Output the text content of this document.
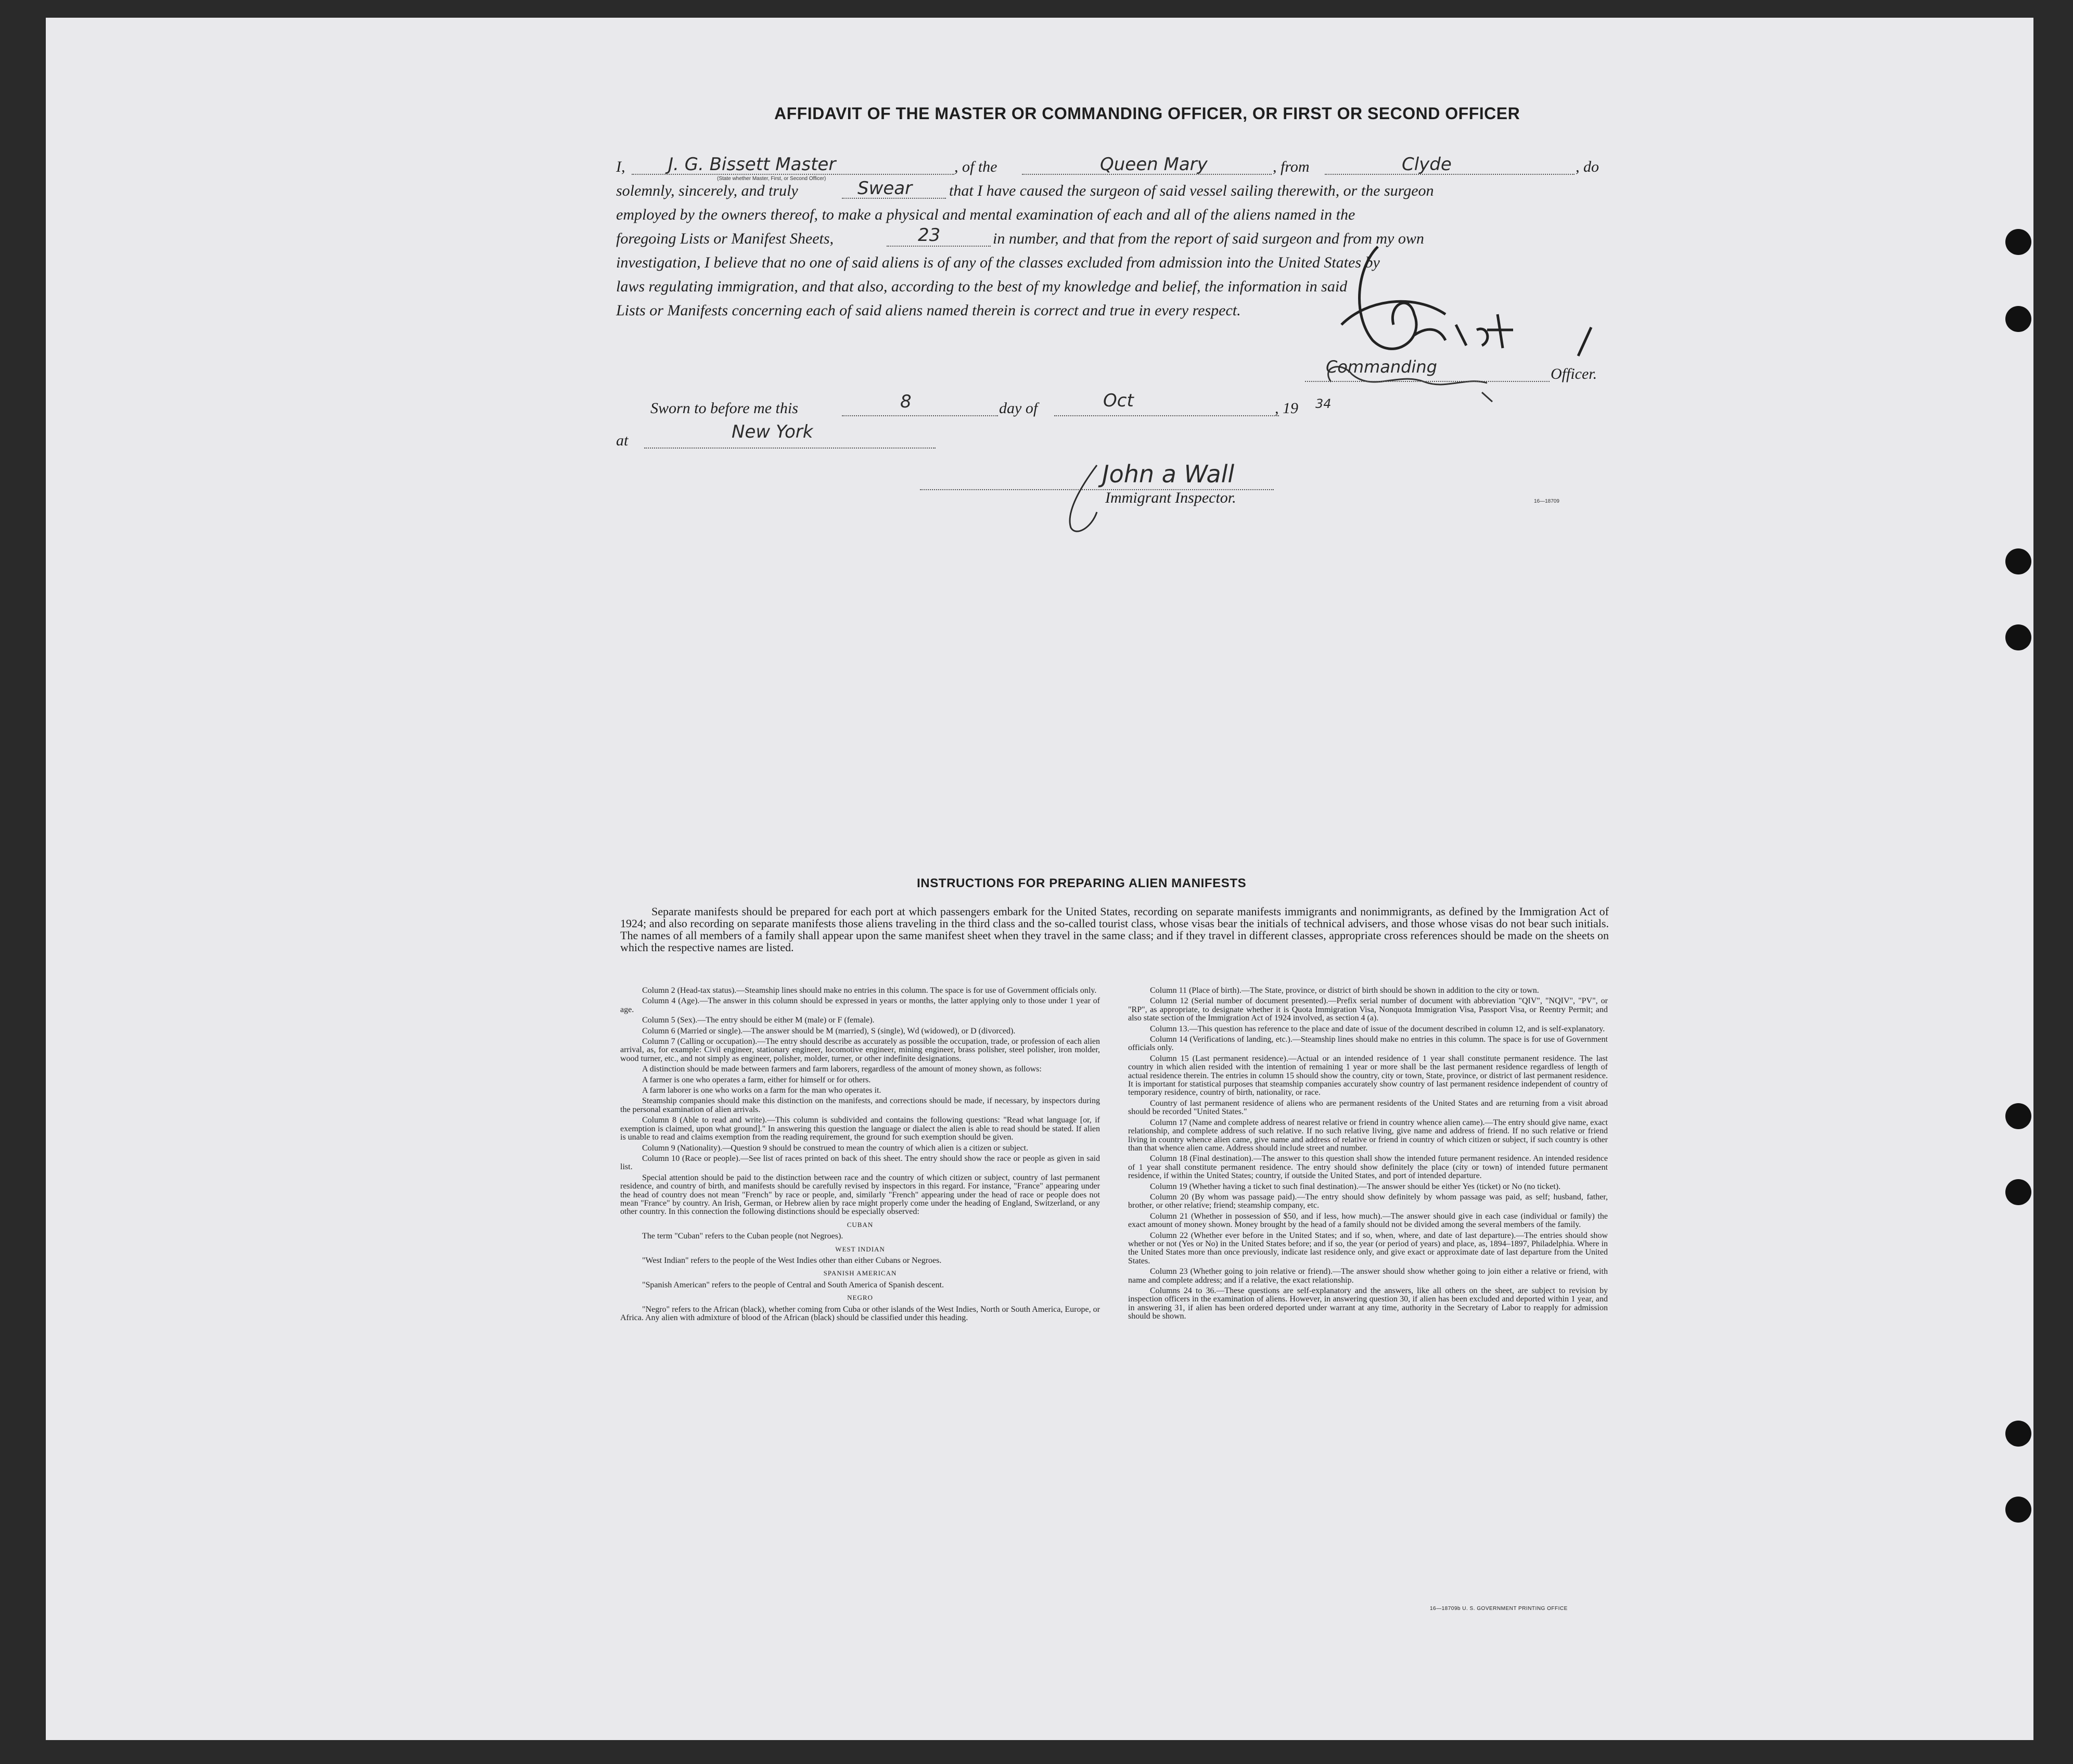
AFFIDAVIT OF THE MASTER OR COMMANDING OFFICER, OR FIRST OR SECOND OFFICER
I, J. G. Bissett Master
(State whether Master, First, or Second Officer)
, of the	Queen Mary	, from	Clyde	, do
solemnly, sincerely, and truly	Swear that I have caused the surgeon of said vessel sailing therewith, or the surgeon
employed by the owners thereof, to make a physical and mental examination of each and all of the aliens named in the
foregoing Lists or Manifest Sheets,	23	in number, and that from the report of said surgeon and from my own
investigation, I believe that no one of said aliens is of any of the classes excluded from admission into the United States by
laws regulating immigration, and that also, according to the best of my knowledge and belief, the information in said
Lists or Manifests concerning each of said aliens named therein is correct and true in every respect.
Commanding	Officer.
Sworn to before me this	8	day of	Oct	, 19 34
at	New York
John a Wall
Immigrant Inspector.	16—18709
INSTRUCTIONS FOR PREPARING ALIEN MANIFESTS
Separate manifests should be prepared for each port at which passengers embark for the United States, recording on separate manifests immigrants and nonimmigrants, as defined by the Immigration Act of 1924; and also recording on separate manifests those aliens traveling in the third class and the so-called tourist class, whose visas bear the initials of technical advisers, and those whose visas do not bear such initials. The names of all members of a family shall appear upon the same manifest sheet when they travel in the same class; and if they travel in different classes, appropriate cross references should be made on the sheets on which the respective names are listed.

Column 2 (Head-tax status).—Steamship lines should make no entries in this column. The space is for use of Government officials only.

Column 4 (Age).—The answer in this column should be expressed in years or months, the latter applying only to those under 1 year of age.

Column 5 (Sex).—The entry should be either M (male) or F (female).

Column 6 (Married or single).—The answer should be M (married), S (single), Wd (widowed), or D (divorced).

Column 7 (Calling or occupation).—The entry should describe as accurately as possible the occupation, trade, or profession of each alien arrival, as, for example: Civil engineer, stationary engineer, locomotive engineer, mining engineer, brass polisher, steel polisher, iron molder, wood turner, etc., and not simply as engineer, polisher, molder, turner, or other indefinite designations.

A distinction should be made between farmers and farm laborers, regardless of the amount of money shown, as follows:

A farmer is one who operates a farm, either for himself or for others.

A farm laborer is one who works on a farm for the man who operates it.

Steamship companies should make this distinction on the manifests, and corrections should be made, if necessary, by inspectors during the personal examination of alien arrivals.

Column 8 (Able to read and write).—This column is subdivided and contains the following questions: "Read what language [or, if exemption is claimed, upon what ground]." In answering this question the language or dialect the alien is able to read should be stated. If alien is unable to read and claims exemption from the reading requirement, the ground for such exemption should be given.

Column 9 (Nationality).—Question 9 should be construed to mean the country of which alien is a citizen or subject.

Column 10 (Race or people).—See list of races printed on back of this sheet. The entry should show the race or people as given in said list.

Special attention should be paid to the distinction between race and the country of which citizen or subject, country of last permanent residence, and country of birth, and manifests should be carefully revised by inspectors in this regard. For instance, "France" appearing under the head of country does not mean "French" by race or people, and, similarly "French" appearing under the head of race or people does not mean "France" by country. An Irish, German, or Hebrew alien by race might properly come under the heading of England, Switzerland, or any other country. In this connection the following distinctions should be especially observed:

CUBAN

The term "Cuban" refers to the Cuban people (not Negroes).

WEST INDIAN

"West Indian" refers to the people of the West Indies other than either Cubans or Negroes.

SPANISH AMERICAN

"Spanish American" refers to the people of Central and South America of Spanish descent.

NEGRO

"Negro" refers to the African (black), whether coming from Cuba or other islands of the West Indies, North or South America, Europe, or Africa. Any alien with admixture of blood of the African (black) should be classified under this heading.

Column 11 (Place of birth).—The State, province, or district of birth should be shown in addition to the city or town.

Column 12 (Serial number of document presented).—Prefix serial number of document with abbreviation "QIV", "NQIV", "PV", or "RP", as appropriate, to designate whether it is Quota Immigration Visa, Nonquota Immigration Visa, Passport Visa, or Reentry Permit; and also state section of the Immigration Act of 1924 involved, as section 4 (a).

Column 13.—This question has reference to the place and date of issue of the document described in column 12, and is self-explanatory.

Column 14 (Verifications of landing, etc.).—Steamship lines should make no entries in this column. The space is for use of Government officials only.

Column 15 (Last permanent residence).—Actual or an intended residence of 1 year shall constitute permanent residence. The last country in which alien resided with the intention of remaining 1 year or more shall be the last permanent residence regardless of length of actual residence therein. The entries in column 15 should show the country, city or town, State, province, or district of last permanent residence. It is important for statistical purposes that steamship companies accurately show country of last permanent residence independent of country of temporary residence, country of birth, nationality, or race.

Country of last permanent residence of aliens who are permanent residents of the United States and are returning from a visit abroad should be recorded "United States."

Column 17 (Name and complete address of nearest relative or friend in country whence alien came).—The entry should give name, exact relationship, and complete address of such relative. If no such relative living, give name and address of friend. If no such relative or friend living in country whence alien came, give name and address of relative or friend in country of which citizen or subject, if such country is other than that whence alien came. Address should include street and number.

Column 18 (Final destination).—The answer to this question shall show the intended future permanent residence. An intended residence of 1 year shall constitute permanent residence. The entry should show definitely the place (city or town) of intended future permanent residence, if within the United States; country, if outside the United States, and port of intended departure.

Column 19 (Whether having a ticket to such final destination).—The answer should be either Yes (ticket) or No (no ticket).

Column 20 (By whom was passage paid).—The entry should show definitely by whom passage was paid, as self; husband, father, brother, or other relative; friend; steamship company, etc.

Column 21 (Whether in possession of $50, and if less, how much).—The answer should give in each case (individual or family) the exact amount of money shown. Money brought by the head of a family should not be divided among the several members of the family.

Column 22 (Whether ever before in the United States; and if so, when, where, and date of last departure).—The entries should show whether or not (Yes or No) in the United States before; and if so, the year (or period of years) and place, as, 1894–1897, Philadelphia. Where in the United States more than once previously, indicate last residence only, and give exact or approximate date of last departure from the United States.

Column 23 (Whether going to join relative or friend).—The answer should show whether going to join either a relative or friend, with name and complete address; and if a relative, the exact relationship.

Columns 24 to 36.—These questions are self-explanatory and the answers, like all others on the sheet, are subject to revision by inspection officers in the examination of aliens. However, in answering question 30, if alien has been excluded and deported within 1 year, and in answering 31, if alien has been ordered deported under warrant at any time, authority in the Secretary of Labor to reapply for admission should be shown.

16—18709b U. S. GOVERNMENT PRINTING OFFICE
